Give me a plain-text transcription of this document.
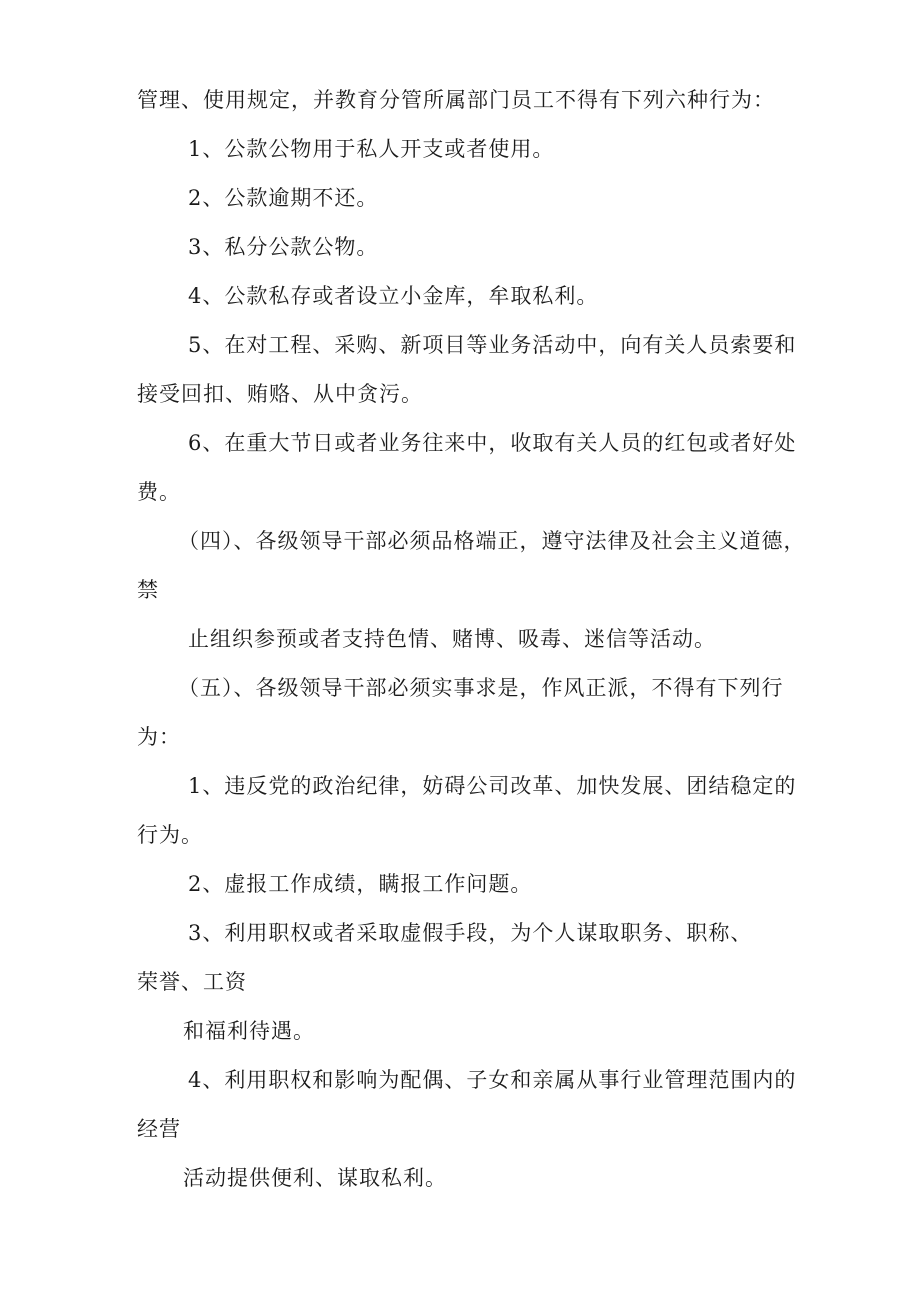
管理、使用规定，并教育分管所属部门员工不得有下列六种行为：
1、公款公物用于私人开支或者使用。
2、公款逾期不还。
3、私分公款公物。
4、公款私存或者设立小金库，牟取私利。
5、在对工程、采购、新项目等业务活动中，向有关人员索要和
接受回扣、贿赂、从中贪污。
6、在重大节日或者业务往来中，收取有关人员的红包或者好处
费。
（四）、各级领导干部必须品格端正，遵守法律及社会主义道德，
禁
止组织参预或者支持色情、赌博、吸毒、迷信等活动。
（五）、各级领导干部必须实事求是，作风正派，不得有下列行
为：
1、违反党的政治纪律，妨碍公司改革、加快发展、团结稳定的
行为。
2、虚报工作成绩，瞒报工作问题。
3、利用职权或者采取虚假手段，为个人谋取职务、职称、
荣誉、工资
和福利待遇。
4、利用职权和影响为配偶、子女和亲属从事行业管理范围内的
经营
活动提供便利、谋取私利。
